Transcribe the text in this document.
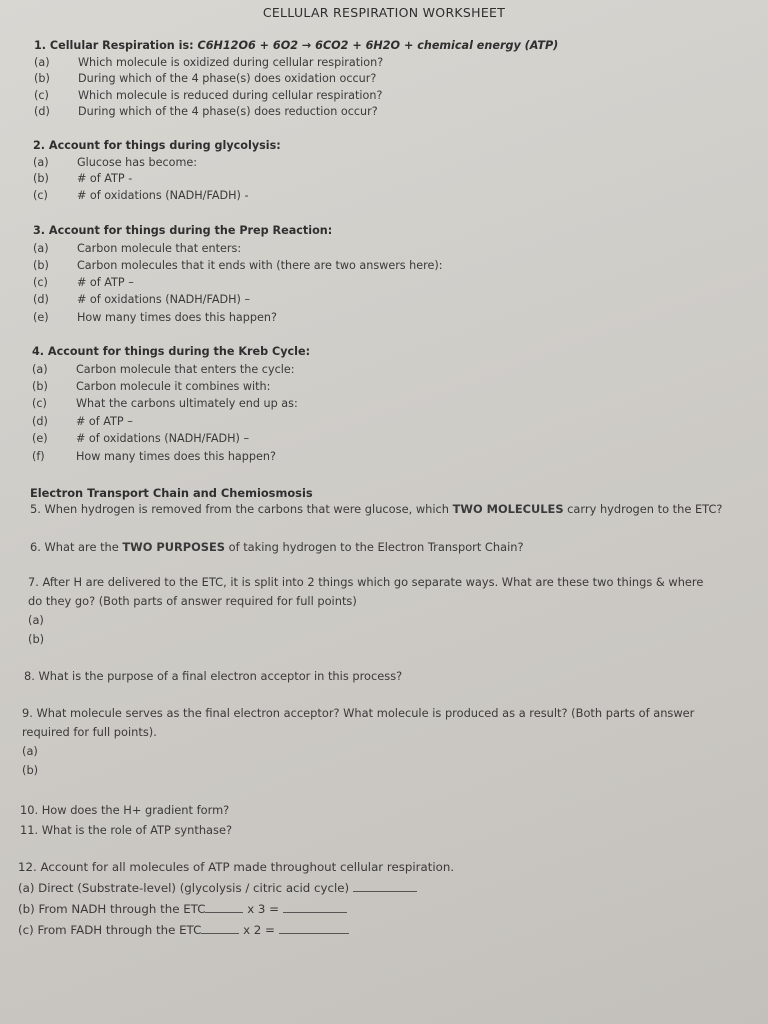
CELLULAR RESPIRATION WORKSHEET
1. Cellular Respiration is:
C6H12O6 + 6O2 → 6CO2 + 6H2O + chemical energy (ATP)
(a)	Which molecule is oxidized during cellular respiration?
(b)	During which of the 4 phase(s) does oxidation occur?
(c)	Which molecule is reduced during cellular respiration?
(d)	During which of the 4 phase(s) does reduction occur?
2. Account for things during glycolysis:
(a)	Glucose has become:
(b)	# of ATP -
(c)	# of oxidations (NADH/FADH) -
3. Account for things during the Prep Reaction:
(a)	Carbon molecule that enters:
(b)	Carbon molecules that it ends with (there are two answers here):
(c)	# of ATP –
(d)	# of oxidations (NADH/FADH) –
(e)	How many times does this happen?
4. Account for things during the Kreb Cycle:
(a)	Carbon molecule that enters the cycle:
(b)	Carbon molecule it combines with:
(c)	What the carbons ultimately end up as:
(d)	# of ATP –
(e)	# of oxidations (NADH/FADH) –
(f)	How many times does this happen?
Electron Transport Chain and Chemiosmosis
5. When hydrogen is removed from the carbons that were glucose, which TWO MOLECULES carry hydrogen to the ETC?
6. What are the TWO PURPOSES of taking hydrogen to the Electron Transport Chain?
7. After H are delivered to the ETC, it is split into 2 things which go separate ways. What are these two things & where
do they go? (Both parts of answer required for full points)
(a)
(b)
8. What is the purpose of a final electron acceptor in this process?
9. What molecule serves as the final electron acceptor? What molecule is produced as a result? (Both parts of answer
required for full points).
(a)
(b)
10. How does the H+ gradient form?
11. What is the role of ATP synthase?
12. Account for all molecules of ATP made throughout cellular respiration.
(a) Direct (Substrate-level) (glycolysis / citric acid cycle)
(b) From NADH through the ETC	x 3 =
(c) From FADH through the ETC	x 2 =
